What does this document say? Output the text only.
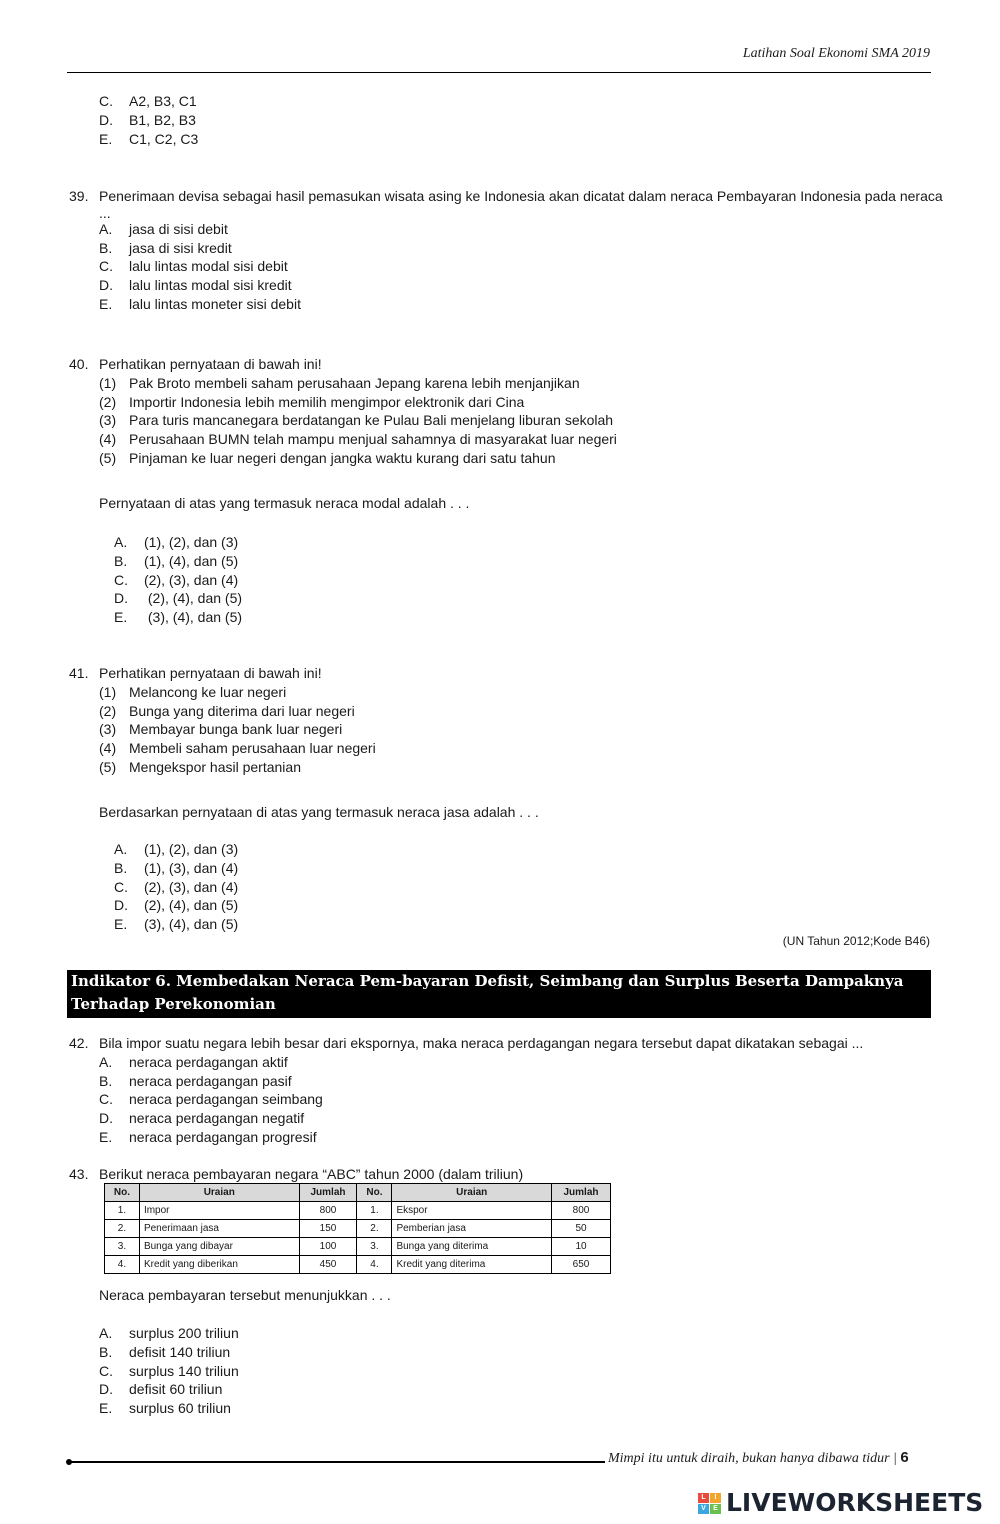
Latihan Soal Ekonomi SMA 2019
C. A2, B3, C1
D. B1, B2, B3
E. C1, C2, C3
39. Penerimaan devisa sebagai hasil pemasukan wisata asing ke Indonesia akan dicatat dalam neraca Pembayaran Indonesia pada neraca
...
A. jasa di sisi debit
B. jasa di sisi kredit
C. lalu lintas modal sisi debit
D. lalu lintas modal sisi kredit
E. lalu lintas moneter sisi debit
40. Perhatikan pernyataan di bawah ini!
(1) Pak Broto membeli saham perusahaan Jepang karena lebih menjanjikan
(2) Importir Indonesia lebih memilih mengimpor elektronik dari Cina
(3) Para turis mancanegara berdatangan ke Pulau Bali menjelang liburan sekolah
(4) Perusahaan BUMN telah mampu menjual sahamnya di masyarakat luar negeri
(5) Pinjaman ke luar negeri dengan jangka waktu kurang dari satu tahun
Pernyataan di atas yang termasuk neraca modal adalah . . .
A. (1), (2), dan (3)
B. (1), (4), dan (5)
C. (2), (3), dan (4)
D. (2), (4), dan (5)
E. (3), (4), dan (5)
41. Perhatikan pernyataan di bawah ini!
(1) Melancong ke luar negeri
(2) Bunga yang diterima dari luar negeri
(3) Membayar bunga bank luar negeri
(4) Membeli saham perusahaan luar negeri
(5) Mengekspor hasil pertanian
Berdasarkan pernyataan di atas yang termasuk neraca jasa adalah . . .
A. (1), (2), dan (3)
B. (1), (3), dan (4)
C. (2), (3), dan (4)
D. (2), (4), dan (5)
E. (3), (4), dan (5)
(UN Tahun 2012;Kode B46)
Indikator 6. Membedakan Neraca Pem-bayaran Defisit, Seimbang dan Surplus Beserta Dampaknya
Terhadap Perekonomian
42. Bila impor suatu negara lebih besar dari ekspornya, maka neraca perdagangan negara tersebut dapat dikatakan sebagai ...
A. neraca perdagangan aktif
B. neraca perdagangan pasif
C. neraca perdagangan seimbang
D. neraca perdagangan negatif
E. neraca perdagangan progresif
43. Berikut neraca pembayaran negara “ABC” tahun 2000 (dalam triliun)
No.	Uraian	Jumlah	No.	Uraian	Jumlah
1.	Impor	800	1.	Ekspor	800
2.	Penerimaan jasa	150	2.	Pemberian jasa	50
3.	Bunga yang dibayar	100	3.	Bunga yang diterima	10
4.	Kredit yang diberikan	450	4.	Kredit yang diterima	650
Neraca pembayaran tersebut menunjukkan . . .
A. surplus 200 triliun
B. defisit 140 triliun
C. surplus 140 triliun
D. defisit 60 triliun
E. surplus 60 triliun
Mimpi itu untuk diraih, bukan hanya dibawa tidur | 6
L	I
V	E LIVEWORKSHEETS
